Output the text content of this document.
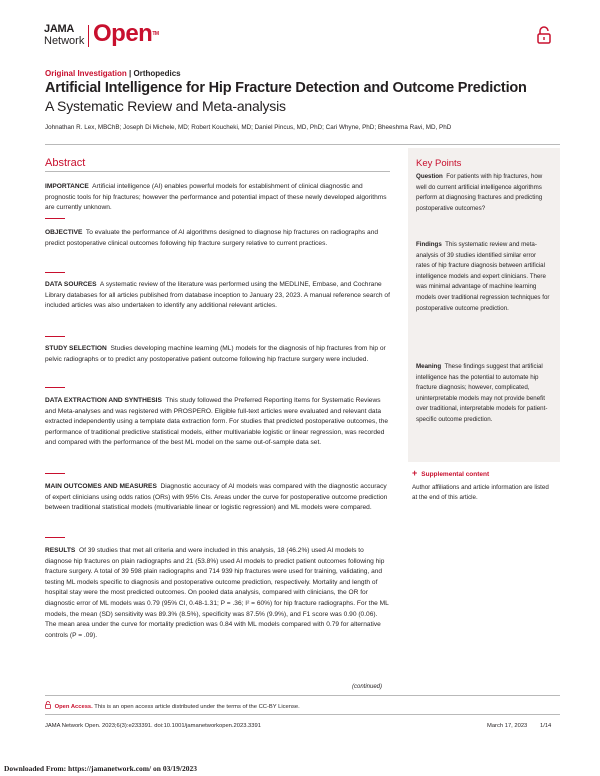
JAMA
Network Open™
Original Investigation | Orthopedics
Artificial Intelligence for Hip Fracture Detection and Outcome Prediction
A Systematic Review and Meta-analysis
Johnathan R. Lex, MBChB; Joseph Di Michele, MD; Robert Koucheki, MD; Daniel Pincus, MD, PhD; Cari Whyne, PhD; Bheeshma Ravi, MD, PhD
Abstract
IMPORTANCE Artificial intelligence (AI) enables powerful models for establishment of clinical diagnostic and prognostic tools for hip fractures; however the performance and potential impact of these newly developed algorithms are currently unknown.
OBJECTIVE To evaluate the performance of AI algorithms designed to diagnose hip fractures on radiographs and predict postoperative clinical outcomes following hip fracture surgery relative to current practices.
DATA SOURCES A systematic review of the literature was performed using the MEDLINE, Embase, and Cochrane Library databases for all articles published from database inception to January 23, 2023. A manual reference search of included articles was also undertaken to identify any additional relevant articles.
STUDY SELECTION Studies developing machine learning (ML) models for the diagnosis of hip fractures from hip or pelvic radiographs or to predict any postoperative patient outcome following hip fracture surgery were included.
DATA EXTRACTION AND SYNTHESIS This study followed the Preferred Reporting Items for Systematic Reviews and Meta-analyses and was registered with PROSPERO. Eligible full-text articles were evaluated and relevant data extracted independently using a template data extraction form. For studies that predicted postoperative outcomes, the performance of traditional predictive statistical models, either multivariable logistic or linear regression, was recorded and compared with the performance of the best ML model on the same out-of-sample data set.
MAIN OUTCOMES AND MEASURES Diagnostic accuracy of AI models was compared with the diagnostic accuracy of expert clinicians using odds ratios (ORs) with 95% CIs. Areas under the curve for postoperative outcome prediction between traditional statistical models (multivariable linear or logistic regression) and ML models were compared.
RESULTS Of 39 studies that met all criteria and were included in this analysis, 18 (46.2%) used AI models to diagnose hip fractures on plain radiographs and 21 (53.8%) used AI models to predict patient outcomes following hip fracture surgery. A total of 39 598 plain radiographs and 714 939 hip fractures were used for training, validating, and testing ML models specific to diagnosis and postoperative outcome prediction, respectively. Mortality and length of hospital stay were the most predicted outcomes. On pooled data analysis, compared with clinicians, the OR for diagnostic error of ML models was 0.79 (95% CI, 0.48-1.31; P = .36; I² = 60%) for hip fracture radiographs. For the ML models, the mean (SD) sensitivity was 89.3% (8.5%), specificity was 87.5% (9.9%), and F1 score was 0.90 (0.06). The mean area under the curve for mortality prediction was 0.84 with ML models compared with 0.79 for alternative controls (P = .09).
Key Points
Question For patients with hip fractures, how well do current artificial intelligence algorithms perform at diagnosing fractures and predicting postoperative outcomes?
Findings This systematic review and meta-analysis of 39 studies identified similar error rates of hip fracture diagnosis between artificial intelligence models and expert clinicians. There was minimal advantage of machine learning models over traditional regression techniques for postoperative outcome prediction.
Meaning These findings suggest that artificial intelligence has the potential to automate hip fracture diagnosis; however, complicated, uninterpretable models may not provide benefit over traditional, interpretable models for patient-specific outcome prediction.
+ Supplemental content
Author affiliations and article information are listed at the end of this article.
(continued)
Open Access. This is an open access article distributed under the terms of the CC-BY License.
JAMA Network Open. 2023;6(3):e233391. doi:10.1001/jamanetworkopen.2023.3391	March 17, 2023 1/14
Downloaded From: https://jamanetwork.com/ on 03/19/2023
